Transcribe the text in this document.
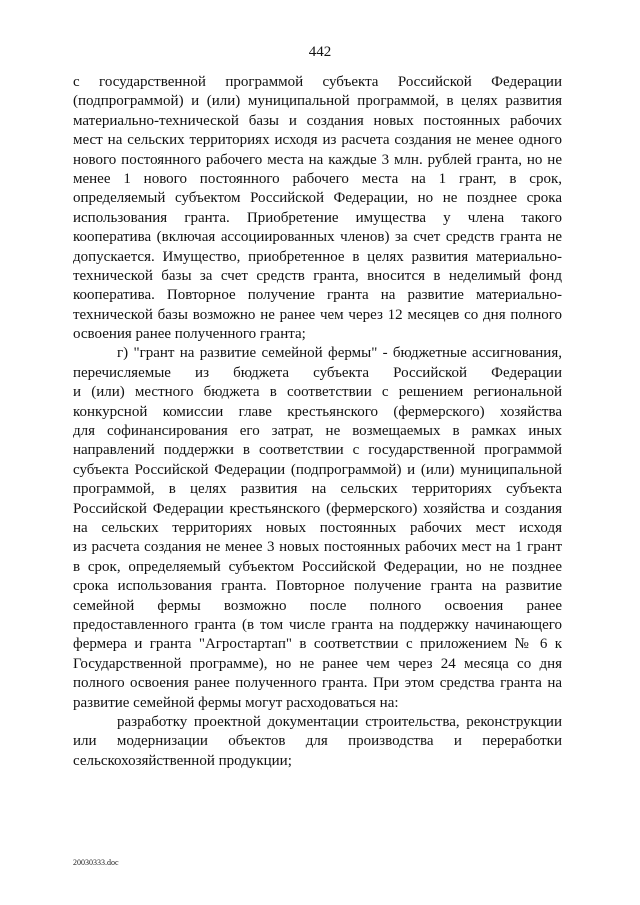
442
с государственной программой субъекта Российской Федерации
(подпрограммой) и (или) муниципальной программой, в целях развития
материально-технической базы и создания новых постоянных рабочих
мест на сельских территориях исходя из расчета создания не менее одного
нового постоянного рабочего места на каждые 3 млн. рублей гранта, но не
менее 1 нового постоянного рабочего места на 1 грант, в срок,
определяемый субъектом Российской Федерации, но не позднее срока
использования гранта. Приобретение имущества у члена такого
кооператива (включая ассоциированных членов) за счет средств гранта не
допускается. Имущество, приобретенное в целях развития материально-
технической базы за счет средств гранта, вносится в неделимый фонд
кооператива. Повторное получение гранта на развитие материально-
технической базы возможно не ранее чем через 12 месяцев со дня полного
освоения ранее полученного гранта;
г) "грант на развитие семейной фермы" - бюджетные ассигнования,
перечисляемые из бюджета субъекта Российской Федерации
и (или) местного бюджета в соответствии с решением региональной
конкурсной комиссии главе крестьянского (фермерского) хозяйства
для софинансирования его затрат, не возмещаемых в рамках иных
направлений поддержки в соответствии с государственной программой
субъекта Российской Федерации (подпрограммой) и (или) муниципальной
программой, в целях развития на сельских территориях субъекта
Российской Федерации крестьянского (фермерского) хозяйства и создания
на сельских территориях новых постоянных рабочих мест исходя
из расчета создания не менее 3 новых постоянных рабочих мест на 1 грант
в срок, определяемый субъектом Российской Федерации, но не позднее
срока использования гранта. Повторное получение гранта на развитие
семейной фермы возможно после полного освоения ранее
предоставленного гранта (в том числе гранта на поддержку начинающего
фермера и гранта "Агростартап" в соответствии с приложением № 6 к
Государственной программе), но не ранее чем через 24 месяца со дня
полного освоения ранее полученного гранта. При этом средства гранта на
развитие семейной фермы могут расходоваться на:
разработку проектной документации строительства, реконструкции
или модернизации объектов для производства и переработки
сельскохозяйственной продукции;
20030333.doc
